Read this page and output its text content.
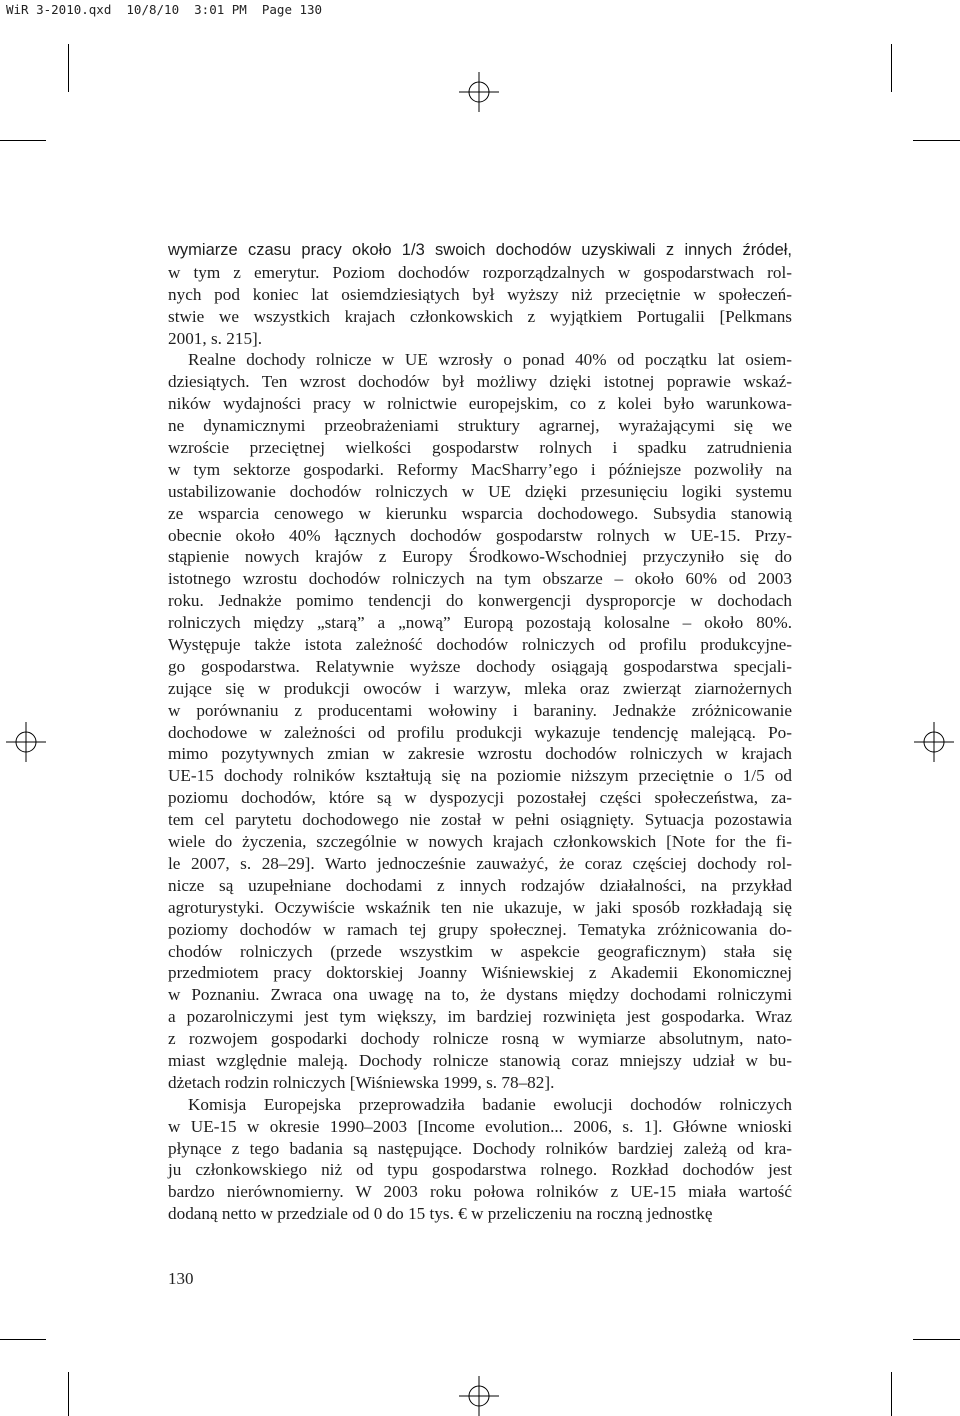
WiR 3-2010.qxd  10/8/10  3:01 PM  Page 130
wymiarze czasu pracy około 1/3 swoich dochodów uzyskiwali z innych źródeł,
w tym z emerytur. Poziom dochodów rozporządzalnych w gospodarstwach rol-
nych pod koniec lat osiemdziesiątych był wyższy niż przeciętnie w społeczeń-
stwie we wszystkich krajach członkowskich z wyjątkiem Portugalii [Pelkmans
2001, s. 215].
Realne dochody rolnicze w UE wzrosły o ponad 40% od początku lat osiem-
dziesiątych. Ten wzrost dochodów był możliwy dzięki istotnej poprawie wskaź-
ników wydajności pracy w rolnictwie europejskim, co z kolei było warunkowa-
ne dynamicznymi przeobrażeniami struktury agrarnej, wyrażającymi się we
wzroście przeciętnej wielkości gospodarstw rolnych i spadku zatrudnienia
w tym sektorze gospodarki. Reformy MacSharry’ego i późniejsze pozwoliły na
ustabilizowanie dochodów rolniczych w UE dzięki przesunięciu logiki systemu
ze wsparcia cenowego w kierunku wsparcia dochodowego. Subsydia stanowią
obecnie około 40% łącznych dochodów gospodarstw rolnych w UE-15. Przy-
stąpienie nowych krajów z Europy Środkowo-Wschodniej przyczyniło się do
istotnego wzrostu dochodów rolniczych na tym obszarze – około 60% od 2003
roku. Jednakże pomimo tendencji do konwergencji dysproporcje w dochodach
rolniczych między „starą” a „nową” Europą pozostają kolosalne – około 80%.
Występuje także istota zależność dochodów rolniczych od profilu produkcyjne-
go gospodarstwa. Relatywnie wyższe dochody osiągają gospodarstwa specjali-
zujące się w produkcji owoców i warzyw, mleka oraz zwierząt ziarnożernych
w porównaniu z producentami wołowiny i baraniny. Jednakże zróżnicowanie
dochodowe w zależności od profilu produkcji wykazuje tendencję malejącą. Po-
mimo pozytywnych zmian w zakresie wzrostu dochodów rolniczych w krajach
UE-15 dochody rolników kształtują się na poziomie niższym przeciętnie o 1/5 od
poziomu dochodów, które są w dyspozycji pozostałej części społeczeństwa, za-
tem cel parytetu dochodowego nie został w pełni osiągnięty. Sytuacja pozostawia
wiele do życzenia, szczególnie w nowych krajach członkowskich [Note for the fi-
le 2007, s. 28–29]. Warto jednocześnie zauważyć, że coraz częściej dochody rol-
nicze są uzupełniane dochodami z innych rodzajów działalności, na przykład
agroturystyki. Oczywiście wskaźnik ten nie ukazuje, w jaki sposób rozkładają się
poziomy dochodów w ramach tej grupy społecznej. Tematyka zróżnicowania do-
chodów rolniczych (przede wszystkim w aspekcie geograficznym) stała się
przedmiotem pracy doktorskiej Joanny Wiśniewskiej z Akademii Ekonomicznej
w Poznaniu. Zwraca ona uwagę na to, że dystans między dochodami rolniczymi
a pozarolniczymi jest tym większy, im bardziej rozwinięta jest gospodarka. Wraz
z rozwojem gospodarki dochody rolnicze rosną w wymiarze absolutnym, nato-
miast względnie maleją. Dochody rolnicze stanowią coraz mniejszy udział w bu-
dżetach rodzin rolniczych [Wiśniewska 1999, s. 78–82].
Komisja Europejska przeprowadziła badanie ewolucji dochodów rolniczych
w UE-15 w okresie 1990–2003 [Income evolution... 2006, s. 1]. Główne wnioski
płynące z tego badania są następujące. Dochody rolników bardziej zależą od kra-
ju członkowskiego niż od typu gospodarstwa rolnego. Rozkład dochodów jest
bardzo nierównomierny. W 2003 roku połowa rolników z UE-15 miała wartość
dodaną netto w przedziale od 0 do 15 tys. € w przeliczeniu na roczną jednostkę
130
